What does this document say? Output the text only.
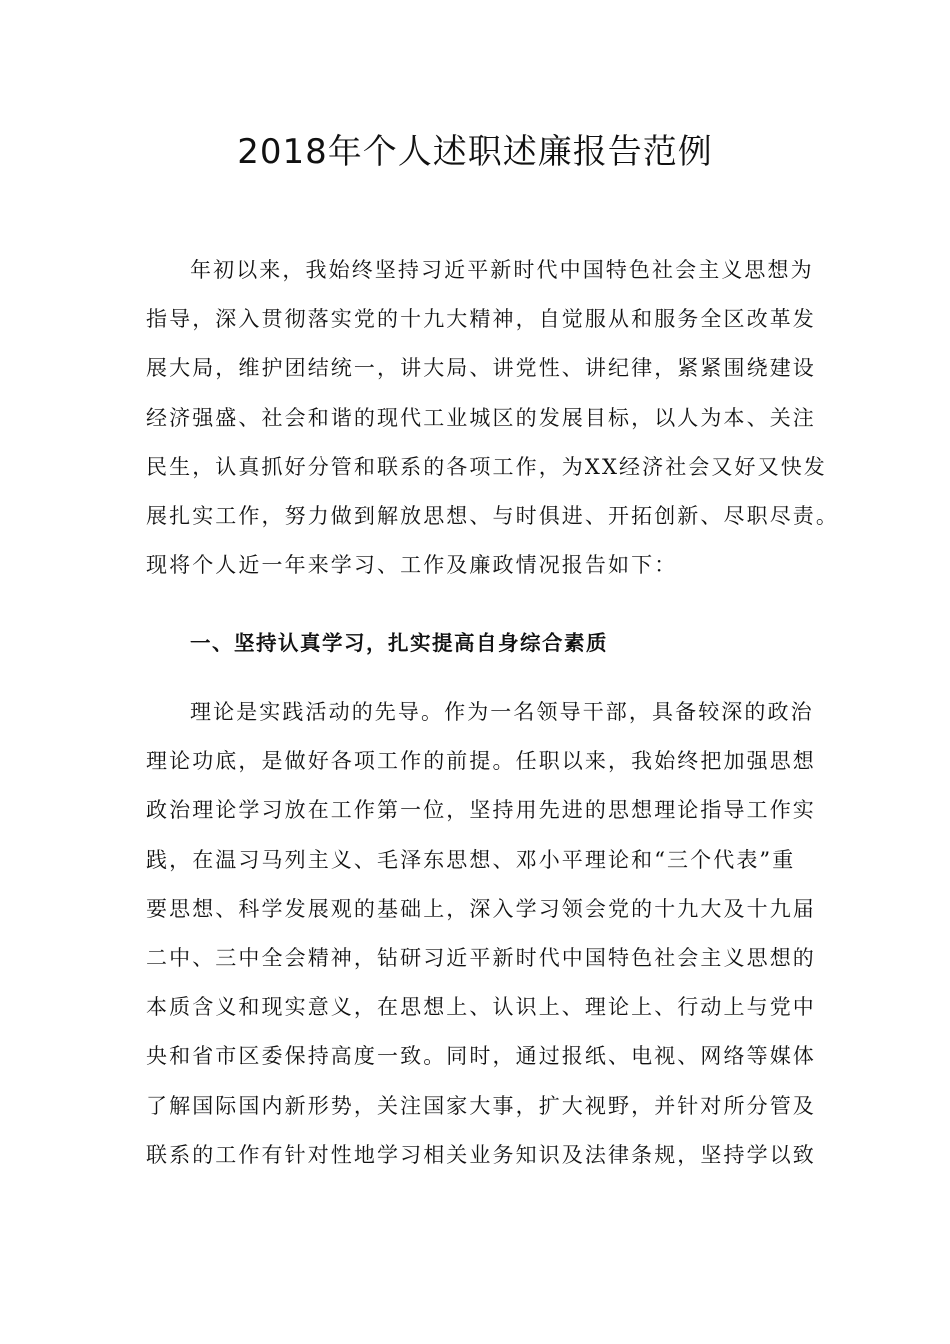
2018年个人述职述廉报告范例
年初以来，我始终坚持习近平新时代中国特色社会主义思想为
指导，深入贯彻落实党的十九大精神，自觉服从和服务全区改革发
展大局，维护团结统一，讲大局、讲党性、讲纪律，紧紧围绕建设
经济强盛、社会和谐的现代工业城区的发展目标，以人为本、关注
民生，认真抓好分管和联系的各项工作，为XX经济社会又好又快发
展扎实工作，努力做到解放思想、与时俱进、开拓创新、尽职尽责。
现将个人近一年来学习、工作及廉政情况报告如下：
一、坚持认真学习，扎实提高自身综合素质
理论是实践活动的先导。作为一名领导干部，具备较深的政治
理论功底，是做好各项工作的前提。任职以来，我始终把加强思想
政治理论学习放在工作第一位，坚持用先进的思想理论指导工作实
践，在温习马列主义、毛泽东思想、邓小平理论和“三个代表”重
要思想、科学发展观的基础上，深入学习领会党的十九大及十九届
二中、三中全会精神，钻研习近平新时代中国特色社会主义思想的
本质含义和现实意义，在思想上、认识上、理论上、行动上与党中
央和省市区委保持高度一致。同时，通过报纸、电视、网络等媒体
了解国际国内新形势，关注国家大事，扩大视野，并针对所分管及
联系的工作有针对性地学习相关业务知识及法律条规，坚持学以致
